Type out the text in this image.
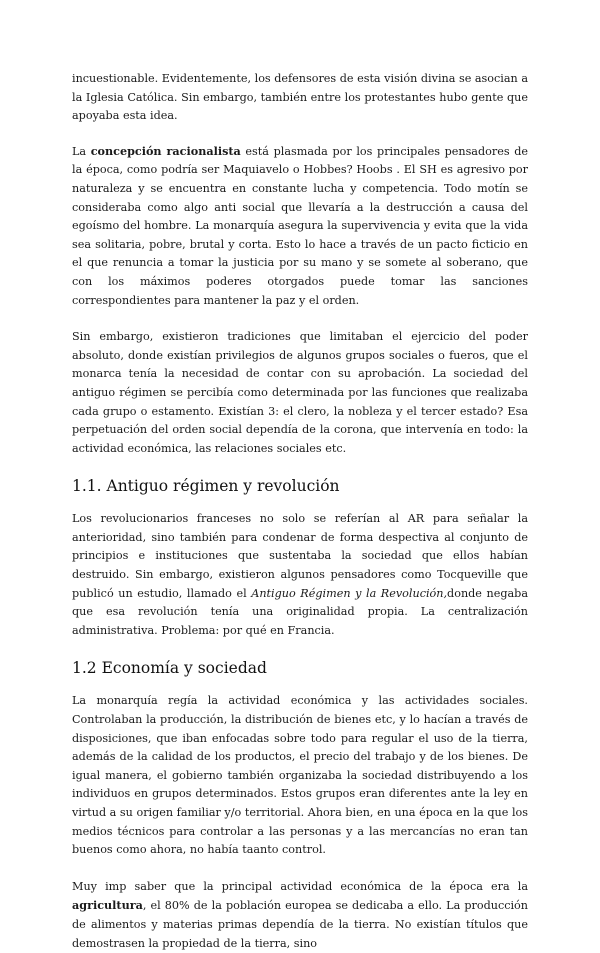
incuestionable. Evidentemente, los defensores de esta visión divina se asocian a la Iglesia Católica. Sin embargo, también entre los protestantes hubo gente que apoyaba esta idea.

La concepción racionalista está plasmada por los principales pensadores de la época, como podría ser Maquiavelo o Hobbes? Hoobs . El SH es agresivo por naturaleza y se encuentra en constante lucha y competencia. Todo motín se consideraba como algo anti social que llevaría a la destrucción a causa del egoísmo del hombre. La monarquía asegura la supervivencia y evita que la vida sea solitaria, pobre, brutal y corta. Esto lo hace a través de un pacto ficticio en el que renuncia a tomar la justicia por su mano y se somete al soberano, que con los máximos poderes otorgados puede tomar las sanciones correspondientes para mantener la paz y el orden.

Sin embargo, existieron tradiciones que limitaban el ejercicio del poder absoluto, donde existían privilegios de algunos grupos sociales o fueros, que el monarca tenía la necesidad de contar con su aprobación. La sociedad del antiguo régimen se percibía como determinada por las funciones que realizaba cada grupo o estamento. Existían 3: el clero, la nobleza y el tercer estado? Esa perpetuación del orden social dependía de la corona, que intervenía en todo: la actividad económica, las relaciones sociales etc.

1.1. Antiguo régimen y revolución

Los revolucionarios franceses no solo se referían al AR para señalar la anterioridad, sino también para condenar de forma despectiva al conjunto de principios e instituciones que sustentaba la sociedad que ellos habían destruido. Sin embargo, existieron algunos pensadores como Tocqueville que publicó un estudio, llamado el Antiguo Régimen y la Revolución,donde negaba que esa revolución tenía una originalidad propia. La centralización administrativa. Problema: por qué en Francia.

1.2 Economía y sociedad

La monarquía regía la actividad económica y las actividades sociales. Controlaban la producción, la distribución de bienes etc, y lo hacían a través de disposiciones, que iban enfocadas sobre todo para regular el uso de la tierra, además de la calidad de los productos, el precio del trabajo y de los bienes. De igual manera, el gobierno también organizaba la sociedad distribuyendo a los individuos en grupos determinados. Estos grupos eran diferentes ante la ley en virtud a su origen familiar y/o territorial. Ahora bien, en una época en la que los medios técnicos para controlar a las personas y a las mercancías no eran tan buenos como ahora, no había taanto control.

Muy imp saber que la principal actividad económica de la época era la agricultura, el 80% de la población europea se dedicaba a ello. La producción de alimentos y materias primas dependía de la tierra. No existían títulos que demostrasen la propiedad de la tierra, sino
